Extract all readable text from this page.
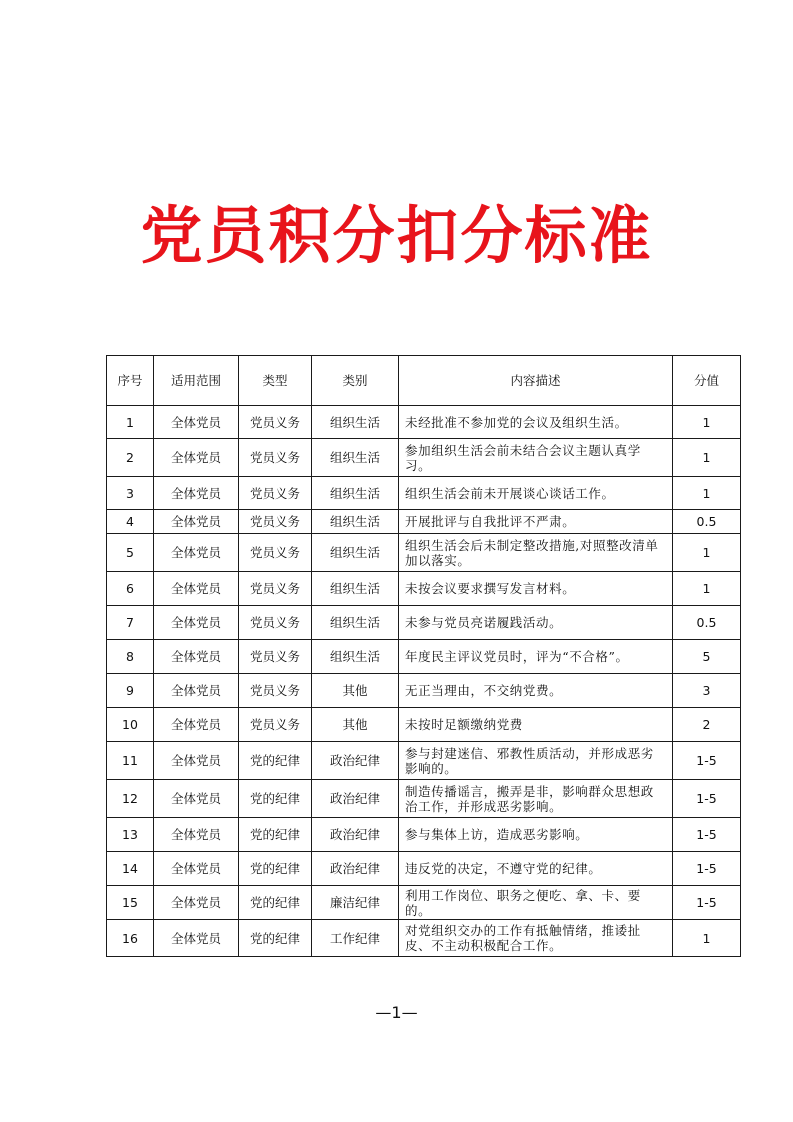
党员积分扣分标准
序号	适用范围	类型	类别	内容描述	分值
1	全体党员	党员义务	组织生活	未经批准不参加党的会议及组织生活。	1
2	全体党员	党员义务	组织生活	参加组织生活会前未结合会议主题认真学习。	1
3	全体党员	党员义务	组织生活	组织生活会前未开展谈心谈话工作。	1
4	全体党员	党员义务	组织生活	开展批评与自我批评不严肃。	0.5
5	全体党员	党员义务	组织生活	组织生活会后未制定整改措施,对照整改清单加以落实。	1
6	全体党员	党员义务	组织生活	未按会议要求撰写发言材料。	1
7	全体党员	党员义务	组织生活	未参与党员亮诺履践活动。	0.5
8	全体党员	党员义务	组织生活	年度民主评议党员时，评为“不合格”。	5
9	全体党员	党员义务	其他	无正当理由，不交纳党费。	3
10	全体党员	党员义务	其他	未按时足额缴纳党费	2
11	全体党员	党的纪律	政治纪律	参与封建迷信、邪教性质活动，并形成恶劣影响的。	1-5
12	全体党员	党的纪律	政治纪律	制造传播谣言，搬弄是非，影响群众思想政治工作，并形成恶劣影响。	1-5
13	全体党员	党的纪律	政治纪律	参与集体上访，造成恶劣影响。	1-5
14	全体党员	党的纪律	政治纪律	违反党的决定，不遵守党的纪律。	1-5
15	全体党员	党的纪律	廉洁纪律	利用工作岗位、职务之便吃、拿、卡、要的。	1-5
16	全体党员	党的纪律	工作纪律	对党组织交办的工作有抵触情绪，推诿扯皮、不主动积极配合工作。	1
—1—
